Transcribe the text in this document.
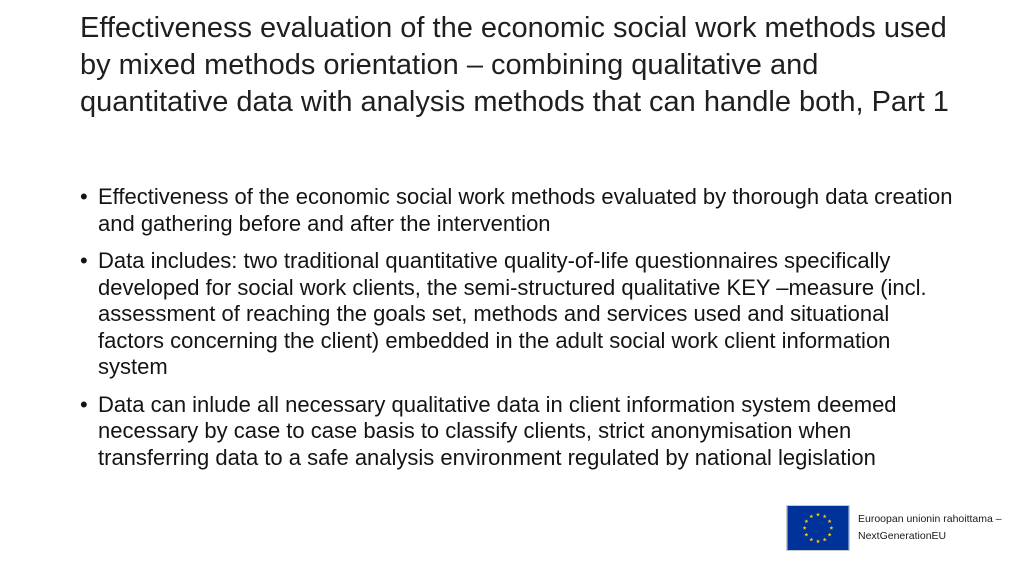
Effectiveness evaluation of the economic social work methods used by mixed methods orientation – combining qualitative and quantitative data with analysis methods that can handle both, Part 1
• Effectiveness of the economic social work methods evaluated by thorough data creation and gathering before and after the intervention
• Data includes: two traditional quantitative quality-of-life questionnaires specifically developed for social work clients, the semi-structured qualitative KEY –measure (incl. assessment of reaching the goals set, methods and services used and situational factors concerning the client) embedded in the adult social work client information system
• Data can inlude all necessary qualitative data in client information system deemed necessary by case to case basis to classify clients, strict anonymisation when transferring data to a safe analysis environment regulated by national legislation
Euroopan unionin rahoittama –
NextGenerationEU
